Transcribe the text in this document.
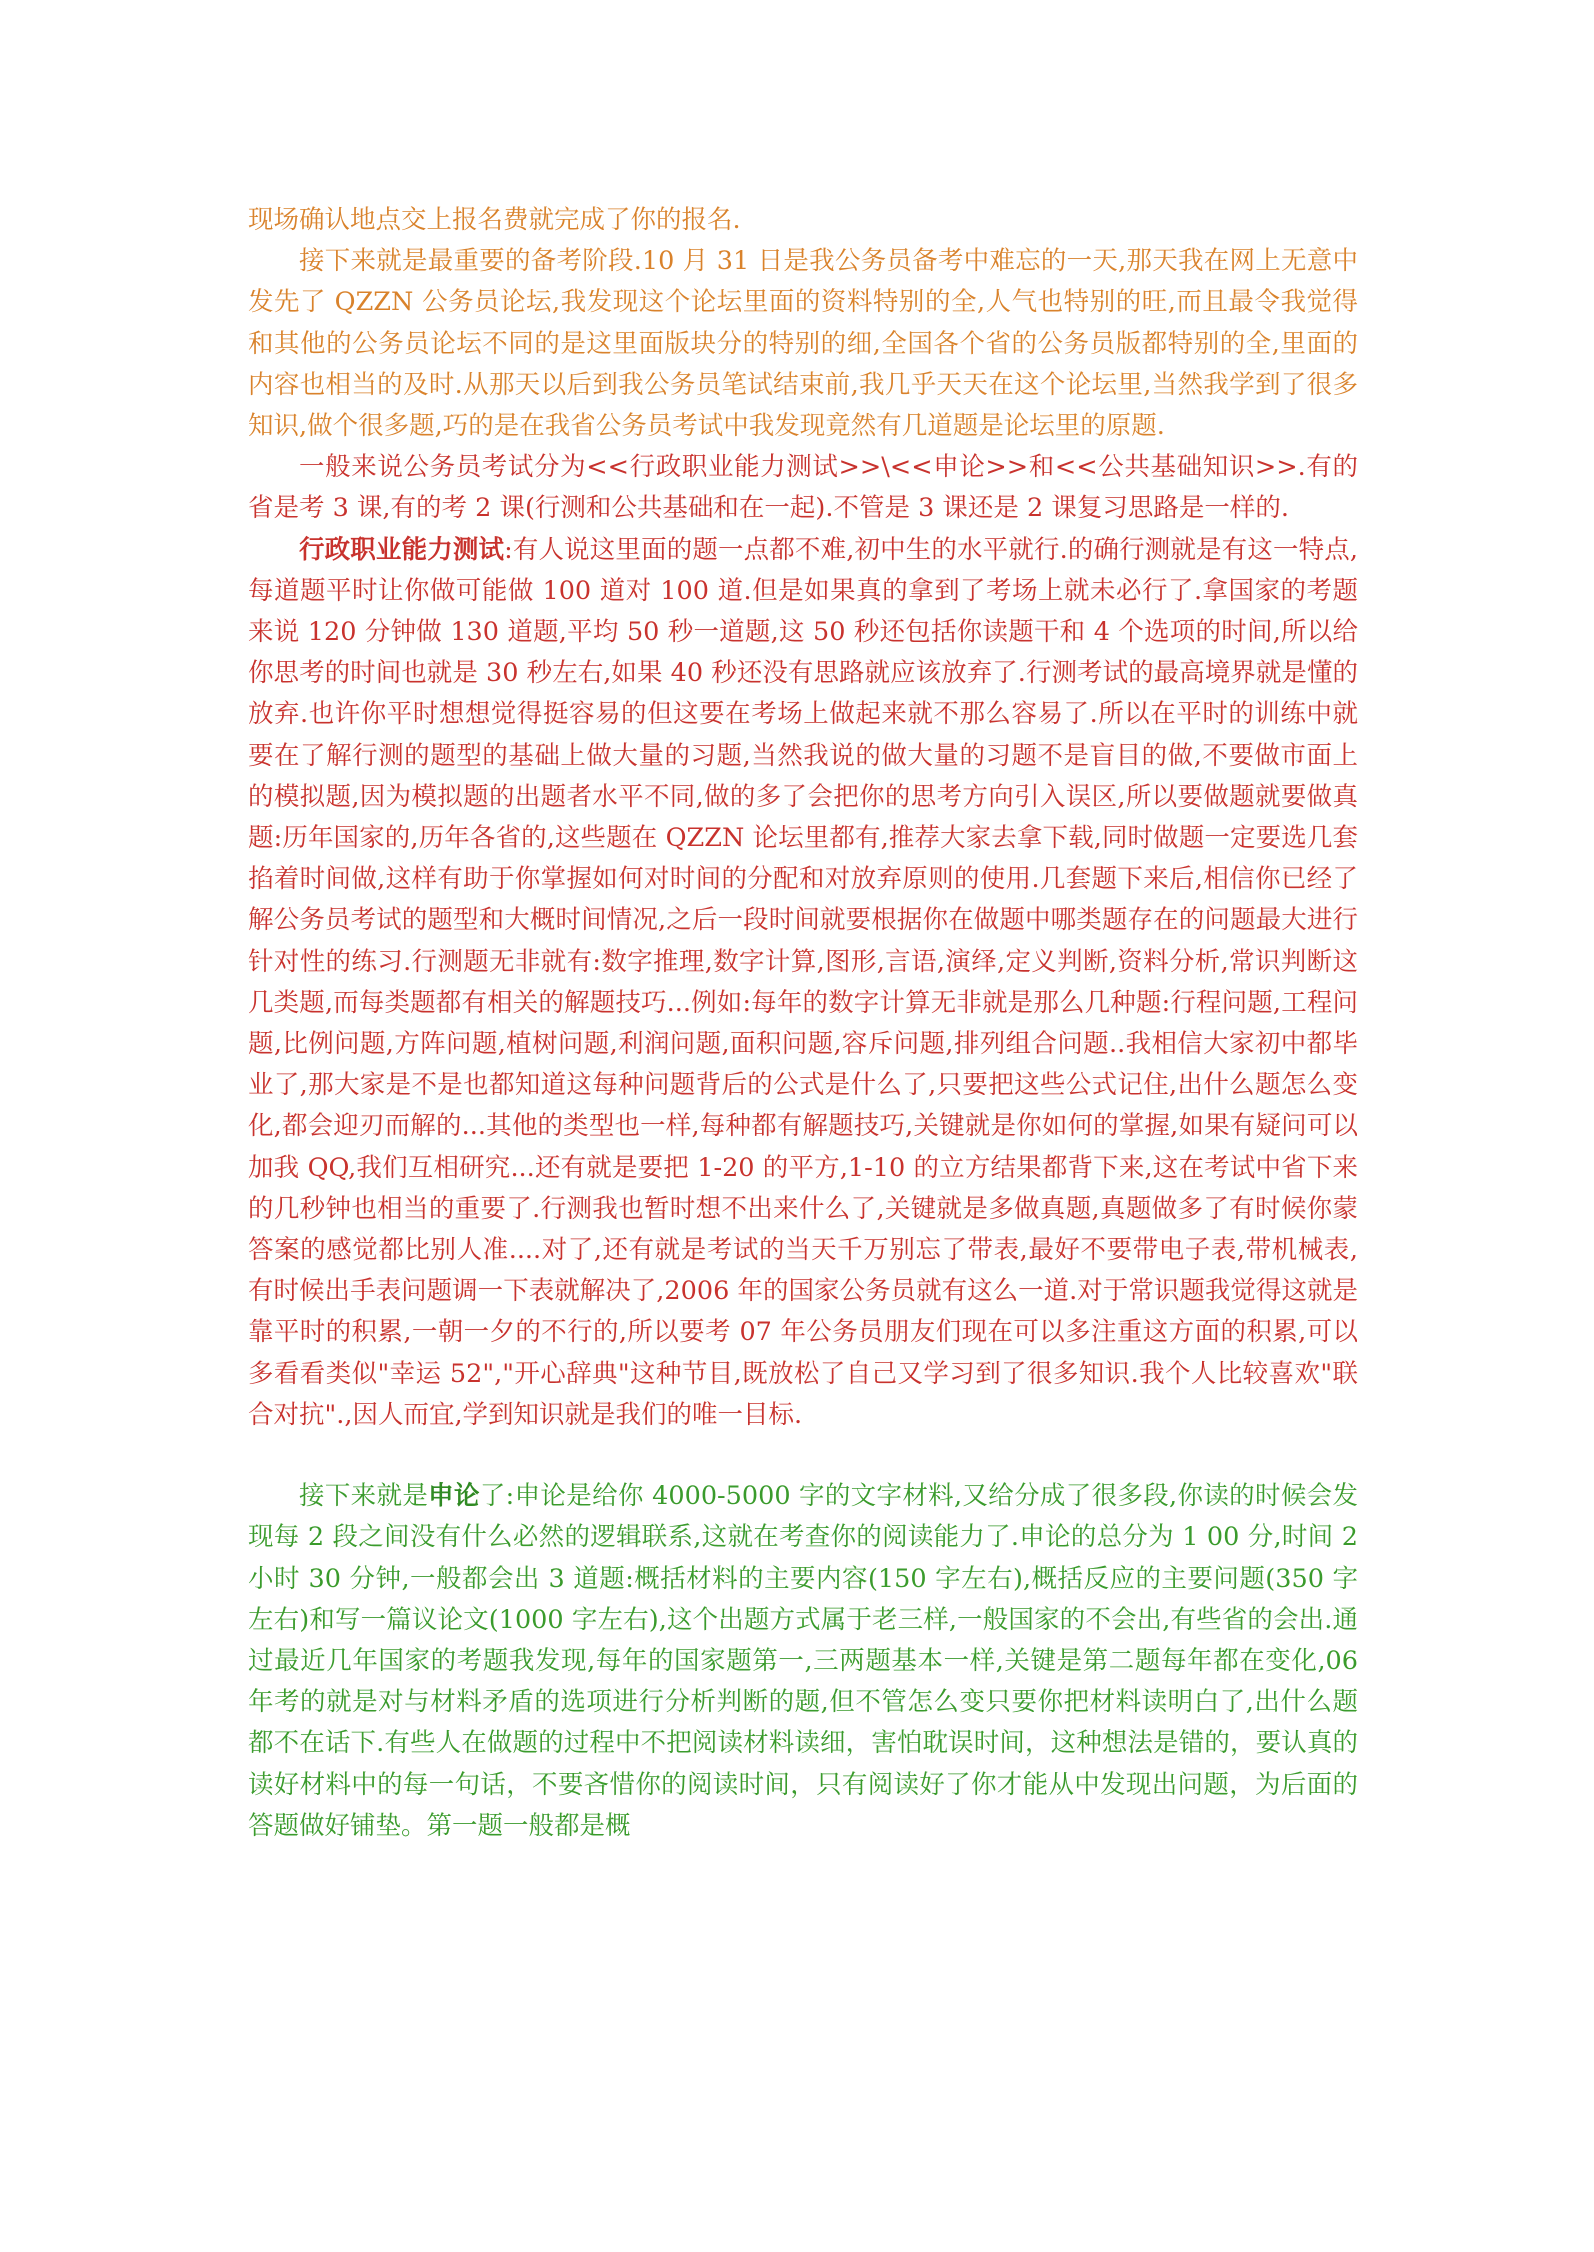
现场确认地点交上报名费就完成了你的报名.

接下来就是最重要的备考阶段.10 月 31 日是我公务员备考中难忘的一天,那天我在网上无意中发先了 QZZN 公务员论坛,我发现这个论坛里面的资料特别的全,人气也特别的旺,而且最令我觉得和其他的公务员论坛不同的是这里面版块分的特别的细,全国各个省的公务员版都特别的全,里面的内容也相当的及时.从那天以后到我公务员笔试结束前,我几乎天天在这个论坛里,当然我学到了很多知识,做个很多题,巧的是在我省公务员考试中我发现竟然有几道题是论坛里的原题.

一般来说公务员考试分为<<行政职业能力测试>>\<<申论>>和<<公共基础知识>>.有的省是考 3 课,有的考 2 课(行测和公共基础和在一起).不管是 3 课还是 2 课复习思路是一样的.

行政职业能力测试:有人说这里面的题一点都不难,初中生的水平就行.的确行测就是有这一特点,每道题平时让你做可能做 100 道对 100 道.但是如果真的拿到了考场上就未必行了.拿国家的考题来说 120 分钟做 130 道题,平均 50 秒一道题,这 50 秒还包括你读题干和 4 个选项的时间,所以给你思考的时间也就是 30 秒左右,如果 40 秒还没有思路就应该放弃了.行测考试的最高境界就是懂的放弃.也许你平时想想觉得挺容易的但这要在考场上做起来就不那么容易了.所以在平时的训练中就要在了解行测的题型的基础上做大量的习题,当然我说的做大量的习题不是盲目的做,不要做市面上的模拟题,因为模拟题的出题者水平不同,做的多了会把你的思考方向引入误区,所以要做题就要做真题:历年国家的,历年各省的,这些题在 QZZN 论坛里都有,推荐大家去拿下载,同时做题一定要选几套掐着时间做,这样有助于你掌握如何对时间的分配和对放弃原则的使用.几套题下来后,相信你已经了解公务员考试的题型和大概时间情况,之后一段时间就要根据你在做题中哪类题存在的问题最大进行针对性的练习.行测题无非就有:数字推理,数字计算,图形,言语,演绎,定义判断,资料分析,常识判断这几类题,而每类题都有相关的解题技巧...例如:每年的数字计算无非就是那么几种题:行程问题,工程问题,比例问题,方阵问题,植树问题,利润问题,面积问题,容斥问题,排列组合问题..我相信大家初中都毕业了,那大家是不是也都知道这每种问题背后的公式是什么了,只要把这些公式记住,出什么题怎么变化,都会迎刃而解的...其他的类型也一样,每种都有解题技巧,关键就是你如何的掌握,如果有疑问可以加我 QQ,我们互相研究...还有就是要把 1-20 的平方,1-10 的立方结果都背下来,这在考试中省下来的几秒钟也相当的重要了.行测我也暂时想不出来什么了,关键就是多做真题,真题做多了有时候你蒙答案的感觉都比别人准....对了,还有就是考试的当天千万别忘了带表,最好不要带电子表,带机械表,有时候出手表问题调一下表就解决了,2006 年的国家公务员就有这么一道.对于常识题我觉得这就是靠平时的积累,一朝一夕的不行的,所以要考 07 年公务员朋友们现在可以多注重这方面的积累,可以多看看类似"幸运 52","开心辞典"这种节目,既放松了自己又学习到了很多知识.我个人比较喜欢"联合对抗".,因人而宜,学到知识就是我们的唯一目标.

接下来就是申论了:申论是给你 4000-5000 字的文字材料,又给分成了很多段,你读的时候会发现每 2 段之间没有什么必然的逻辑联系,这就在考查你的阅读能力了.申论的总分为 1 00 分,时间 2 小时 30 分钟,一般都会出 3 道题:概括材料的主要内容(150 字左右),概括反应的主要问题(350 字左右)和写一篇议论文(1000 字左右),这个出题方式属于老三样,一般国家的不会出,有些省的会出.通过最近几年国家的考题我发现,每年的国家题第一,三两题基本一样,关键是第二题每年都在变化,06 年考的就是对与材料矛盾的选项进行分析判断的题,但不管怎么变只要你把材料读明白了,出什么题都不在话下.有些人在做题的过程中不把阅读材料读细，害怕耽误时间，这种想法是错的，要认真的读好材料中的每一句话，不要吝惜你的阅读时间，只有阅读好了你才能从中发现出问题，为后面的答题做好铺垫。第一题一般都是概
